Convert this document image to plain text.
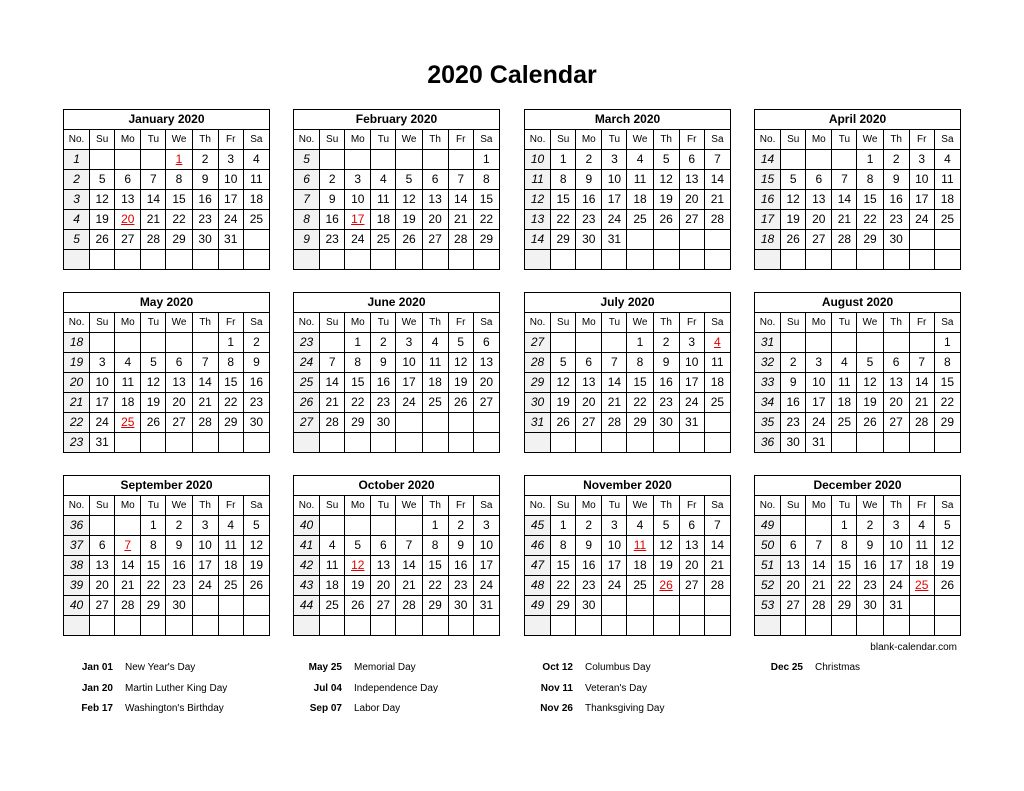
2020 Calendar
January 2020							
No.	Su	Mo	Tu	We	Th	Fr	Sa
1				1	2	3	4
2	5	6	7	8	9	10	11
3	12	13	14	15	16	17	18
4	19	20	21	22	23	24	25
5	26	27	28	29	30	31	

February 2020							
No.	Su	Mo	Tu	We	Th	Fr	Sa
5							1
6	2	3	4	5	6	7	8
7	9	10	11	12	13	14	15
8	16	17	18	19	20	21	22
9	23	24	25	26	27	28	29

March 2020							
No.	Su	Mo	Tu	We	Th	Fr	Sa
10	1	2	3	4	5	6	7
11	8	9	10	11	12	13	14
12	15	16	17	18	19	20	21
13	22	23	24	25	26	27	28
14	29	30	31				

April 2020							
No.	Su	Mo	Tu	We	Th	Fr	Sa
14				1	2	3	4
15	5	6	7	8	9	10	11
16	12	13	14	15	16	17	18
17	19	20	21	22	23	24	25
18	26	27	28	29	30		

May 2020							
No.	Su	Mo	Tu	We	Th	Fr	Sa
18						1	2
19	3	4	5	6	7	8	9
20	10	11	12	13	14	15	16
21	17	18	19	20	21	22	23
22	24	25	26	27	28	29	30
23	31						
June 2020							
No.	Su	Mo	Tu	We	Th	Fr	Sa
23		1	2	3	4	5	6
24	7	8	9	10	11	12	13
25	14	15	16	17	18	19	20
26	21	22	23	24	25	26	27
27	28	29	30				

July 2020							
No.	Su	Mo	Tu	We	Th	Fr	Sa
27				1	2	3	4
28	5	6	7	8	9	10	11
29	12	13	14	15	16	17	18
30	19	20	21	22	23	24	25
31	26	27	28	29	30	31	

August 2020							
No.	Su	Mo	Tu	We	Th	Fr	Sa
31							1
32	2	3	4	5	6	7	8
33	9	10	11	12	13	14	15
34	16	17	18	19	20	21	22
35	23	24	25	26	27	28	29
36	30	31					
September 2020							
No.	Su	Mo	Tu	We	Th	Fr	Sa
36			1	2	3	4	5
37	6	7	8	9	10	11	12
38	13	14	15	16	17	18	19
39	20	21	22	23	24	25	26
40	27	28	29	30			

October 2020							
No.	Su	Mo	Tu	We	Th	Fr	Sa
40					1	2	3
41	4	5	6	7	8	9	10
42	11	12	13	14	15	16	17
43	18	19	20	21	22	23	24
44	25	26	27	28	29	30	31

November 2020							
No.	Su	Mo	Tu	We	Th	Fr	Sa
45	1	2	3	4	5	6	7
46	8	9	10	11	12	13	14
47	15	16	17	18	19	20	21
48	22	23	24	25	26	27	28
49	29	30					

December 2020							
No.	Su	Mo	Tu	We	Th	Fr	Sa
49			1	2	3	4	5
50	6	7	8	9	10	11	12
51	13	14	15	16	17	18	19
52	20	21	22	23	24	25	26
53	27	28	29	30	31		

blank-calendar.com
Jan 01 New Year's Day
Jan 20 Martin Luther King Day
Feb 17 Washington's Birthday
May 25 Memorial Day
Jul 04 Independence Day
Sep 07 Labor Day
Oct 12 Columbus Day
Nov 11 Veteran's Day
Nov 26 Thanksgiving Day
Dec 25 Christmas
